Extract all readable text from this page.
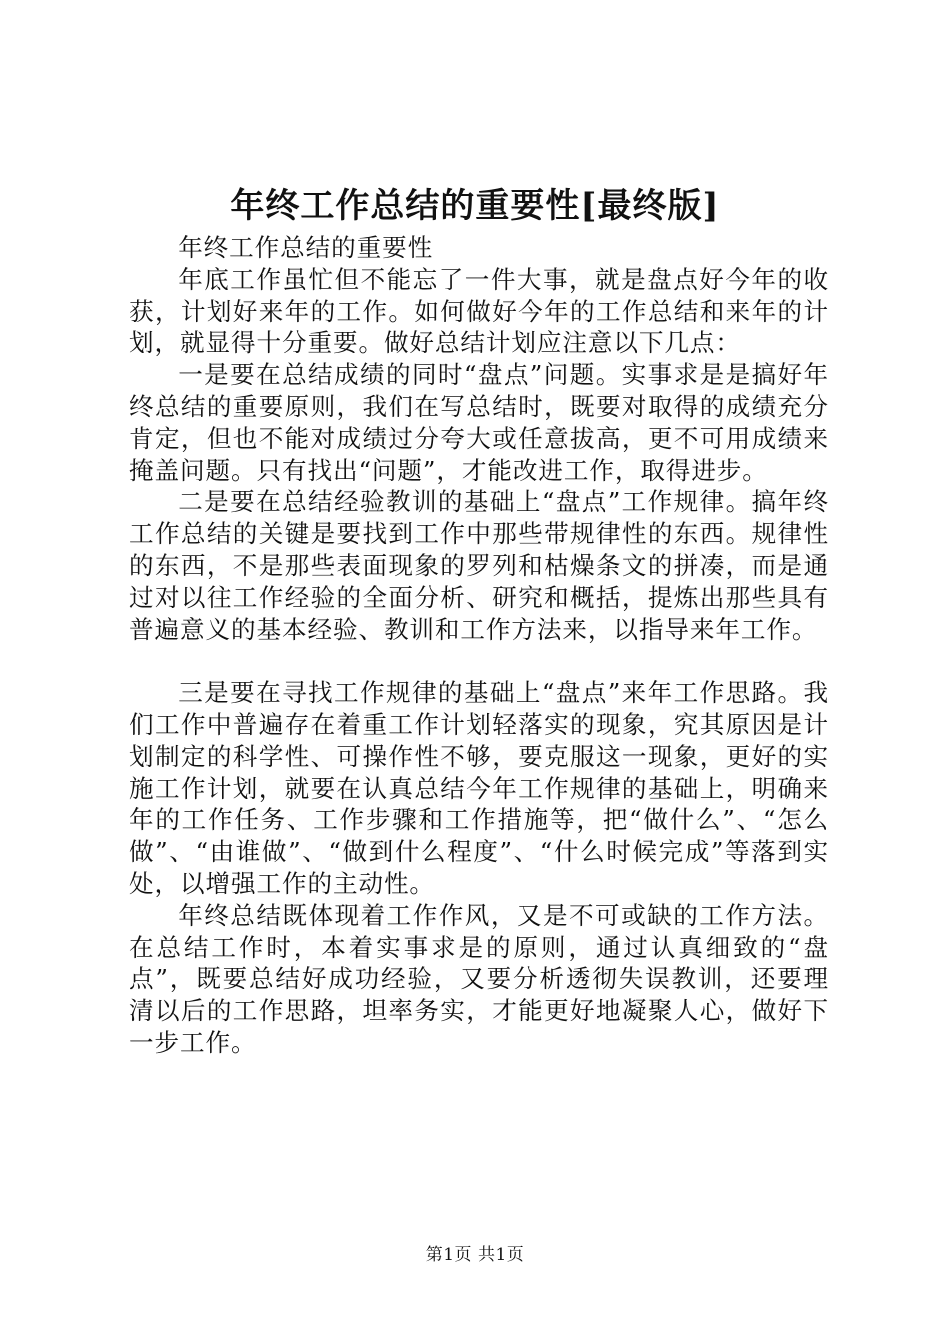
年终工作总结的重要性[最终版]

年终工作总结的重要性

年底工作虽忙但不能忘了一件大事，就是盘点好今年的收获，计划好来年的工作。如何做好今年的工作总结和来年的计划，就显得十分重要。做好总结计划应注意以下几点：

一是要在总结成绩的同时“盘点”问题。实事求是是搞好年终总结的重要原则，我们在写总结时，既要对取得的成绩充分肯定，但也不能对成绩过分夸大或任意拔高，更不可用成绩来掩盖问题。只有找出“问题”，才能改进工作，取得进步。

二是要在总结经验教训的基础上“盘点”工作规律。搞年终工作总结的关键是要找到工作中那些带规律性的东西。规律性的东西，不是那些表面现象的罗列和枯燥条文的拼凑，而是通过对以往工作经验的全面分析、研究和概括，提炼出那些具有普遍意义的基本经验、教训和工作方法来，以指导来年工作。

三是要在寻找工作规律的基础上“盘点”来年工作思路。我们工作中普遍存在着重工作计划轻落实的现象，究其原因是计划制定的科学性、可操作性不够，要克服这一现象，更好的实施工作计划，就要在认真总结今年工作规律的基础上，明确来年的工作任务、工作步骤和工作措施等，把“做什么”、“怎么做”、“由谁做”、“做到什么程度”、“什么时候完成”等落到实处，以增强工作的主动性。

年终总结既体现着工作作风，又是不可或缺的工作方法。在总结工作时，本着实事求是的原则，通过认真细致的“盘点”，既要总结好成功经验，又要分析透彻失误教训，还要理清以后的工作思路，坦率务实，才能更好地凝聚人心，做好下一步工作。

第1页 共1页
